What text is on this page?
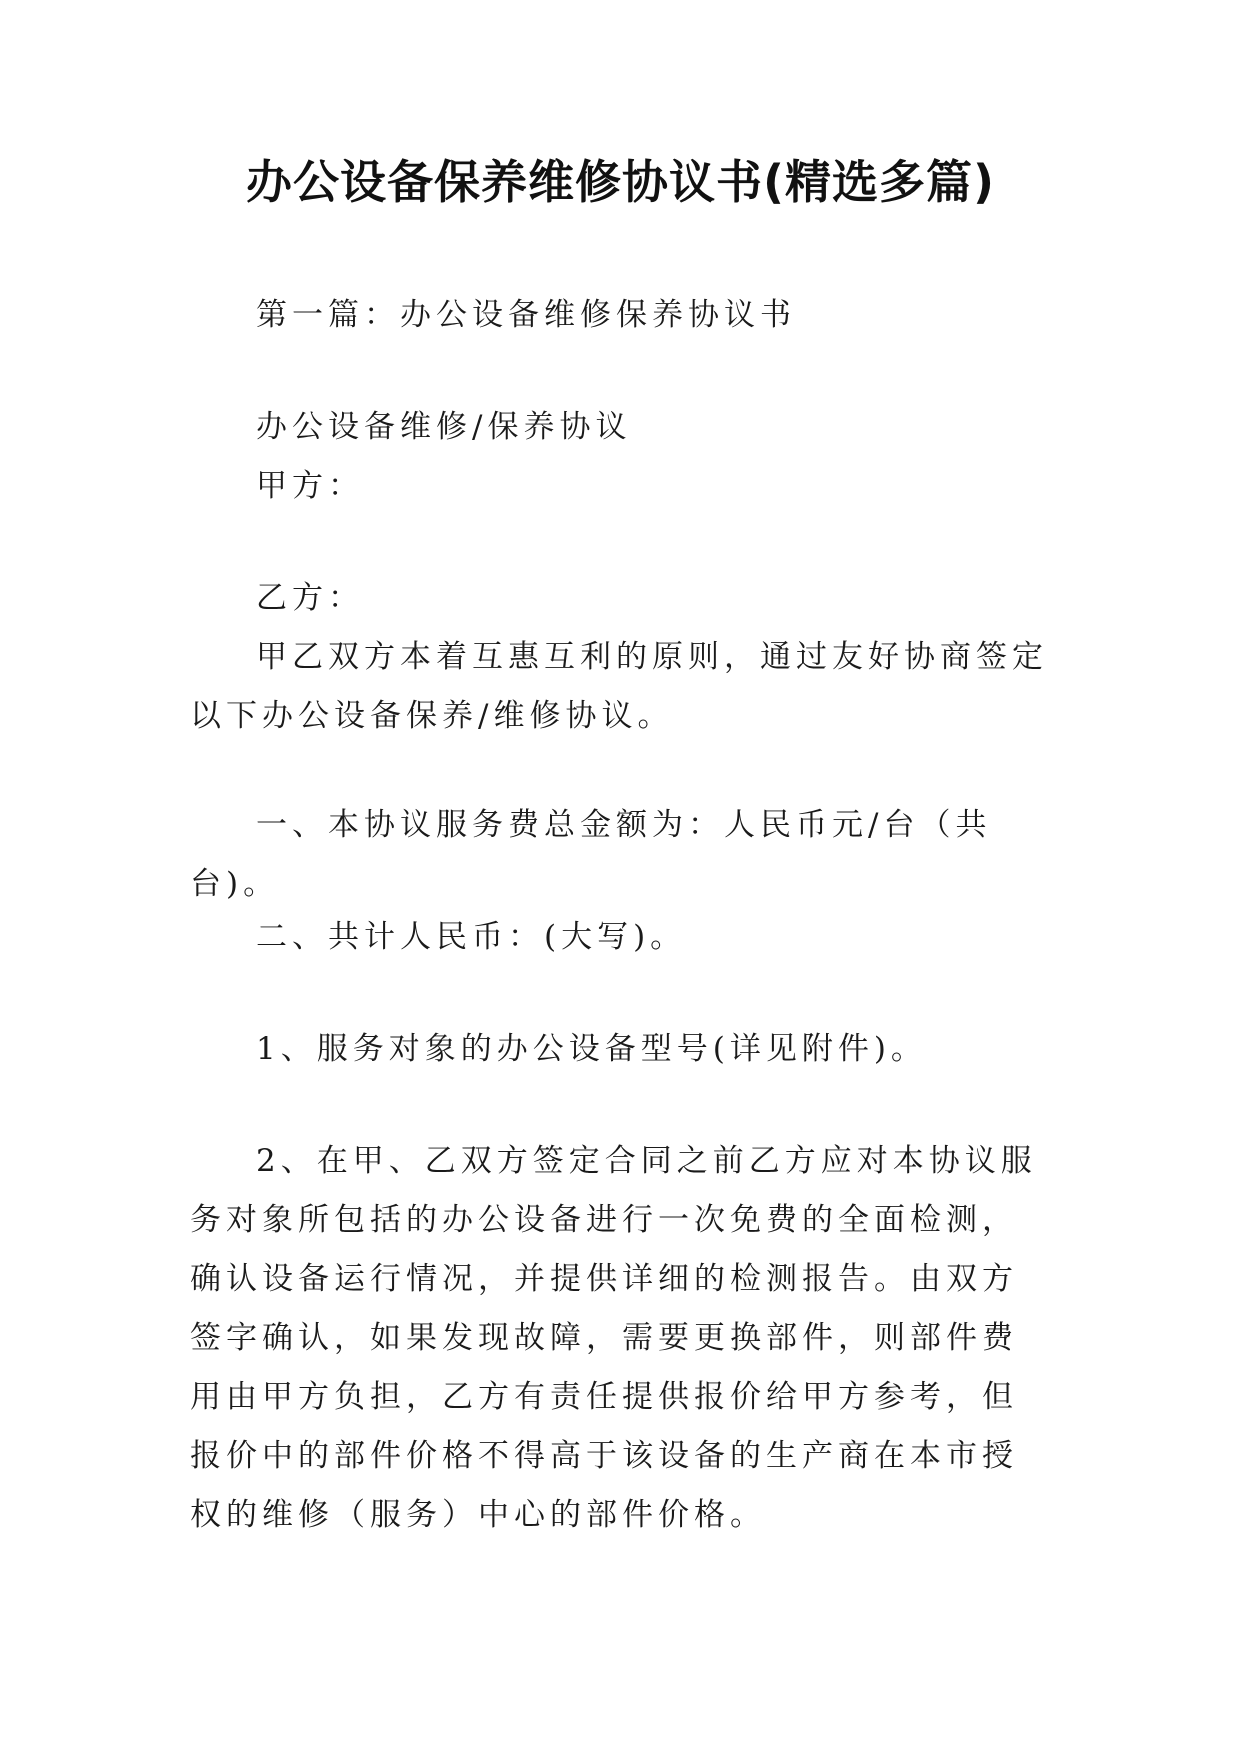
办公设备保养维修协议书(精选多篇)

第一篇：办公设备维修保养协议书

办公设备维修/保养协议

甲方：

乙方：

甲乙双方本着互惠互利的原则，通过友好协商签定以下办公设备保养/维修协议。

一、本协议服务费总金额为：人民币元/台（共台)。

二、共计人民币：(大写)。

1、服务对象的办公设备型号(详见附件)。

2、在甲、乙双方签定合同之前乙方应对本协议服务对象所包括的办公设备进行一次免费的全面检测，确认设备运行情况，并提供详细的检测报告。由双方签字确认，如果发现故障，需要更换部件，则部件费用由甲方负担，乙方有责任提供报价给甲方参考，但报价中的部件价格不得高于该设备的生产商在本市授权的维修（服务）中心的部件价格。
